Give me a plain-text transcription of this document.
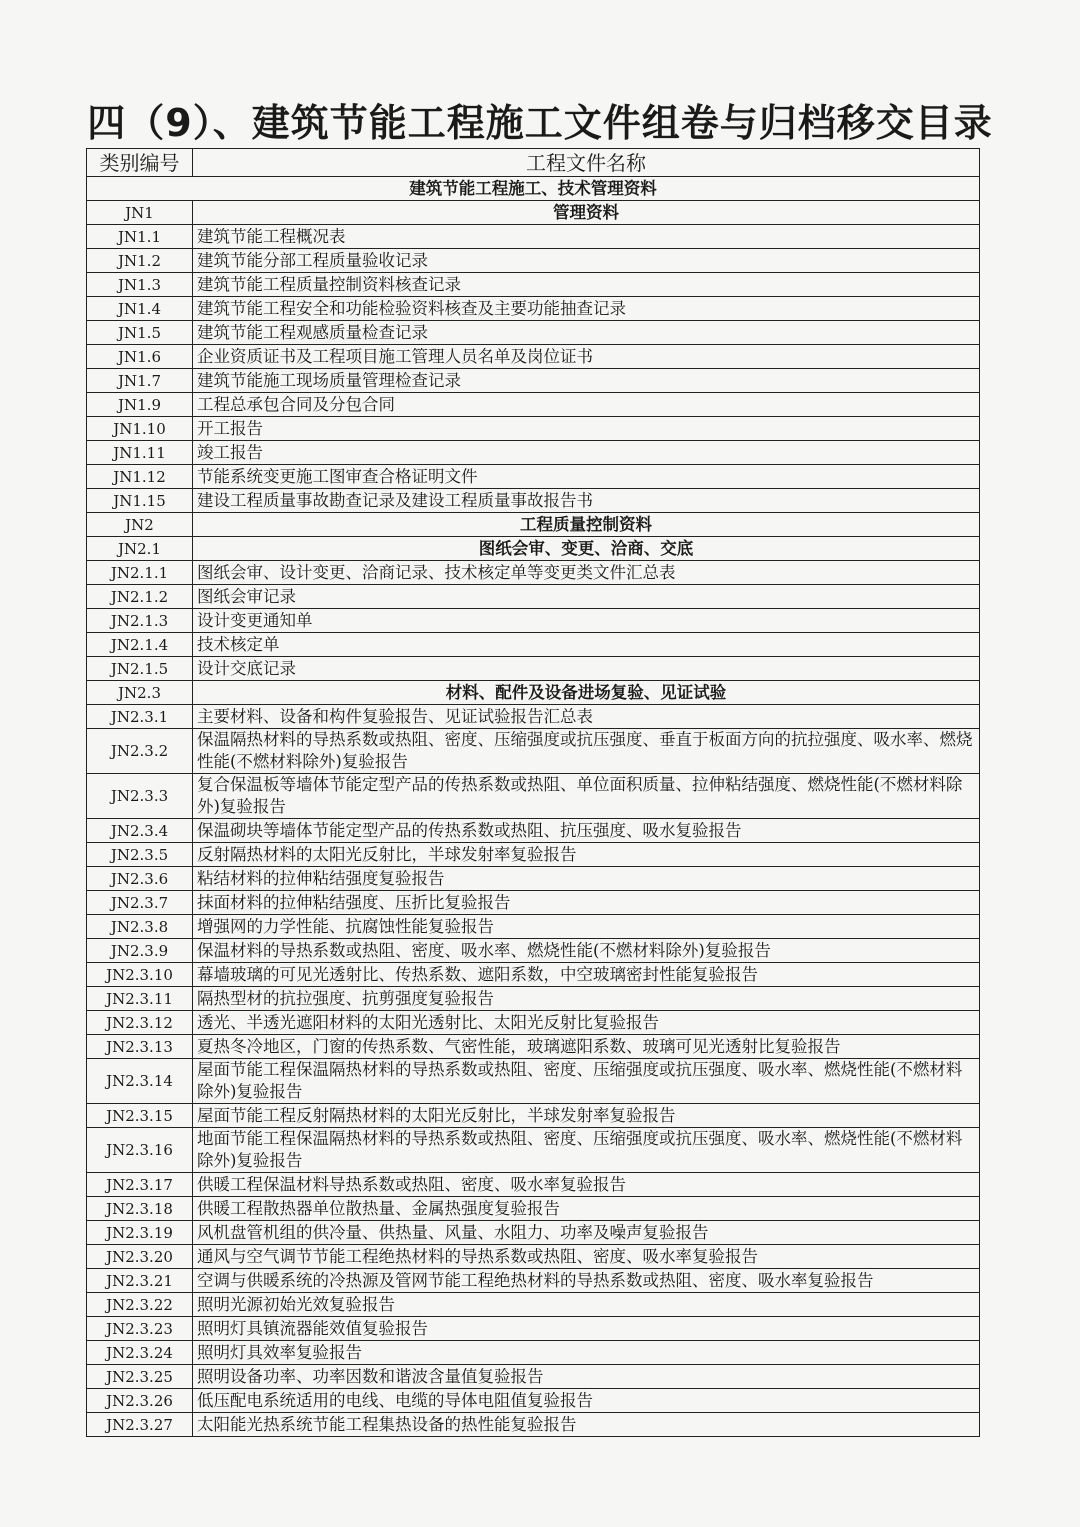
四（9）、建筑节能工程施工文件组卷与归档移交目录
类别编号	工程文件名称
建筑节能工程施工、技术管理资料	
JN1	管理资料
JN1.1	建筑节能工程概况表
JN1.2	建筑节能分部工程质量验收记录
JN1.3	建筑节能工程质量控制资料核查记录
JN1.4	建筑节能工程安全和功能检验资料核查及主要功能抽查记录
JN1.5	建筑节能工程观感质量检查记录
JN1.6	企业资质证书及工程项目施工管理人员名单及岗位证书
JN1.7	建筑节能施工现场质量管理检查记录
JN1.9	工程总承包合同及分包合同
JN1.10	开工报告
JN1.11	竣工报告
JN1.12	节能系统变更施工图审查合格证明文件
JN1.15	建设工程质量事故勘查记录及建设工程质量事故报告书
JN2	工程质量控制资料
JN2.1	图纸会审、变更、洽商、交底
JN2.1.1	图纸会审、设计变更、洽商记录、技术核定单等变更类文件汇总表
JN2.1.2	图纸会审记录
JN2.1.3	设计变更通知单
JN2.1.4	技术核定单
JN2.1.5	设计交底记录
JN2.3	材料、配件及设备进场复验、见证试验
JN2.3.1	主要材料、设备和构件复验报告、见证试验报告汇总表
JN2.3.2	保温隔热材料的导热系数或热阻、密度、压缩强度或抗压强度、垂直于板面方向的抗拉强度、吸水率、燃烧性能(不燃材料除外)复验报告
JN2.3.3	复合保温板等墙体节能定型产品的传热系数或热阻、单位面积质量、拉伸粘结强度、燃烧性能(不燃材料除外)复验报告
JN2.3.4	保温砌块等墙体节能定型产品的传热系数或热阻、抗压强度、吸水复验报告
JN2.3.5	反射隔热材料的太阳光反射比，半球发射率复验报告
JN2.3.6	粘结材料的拉伸粘结强度复验报告
JN2.3.7	抹面材料的拉伸粘结强度、压折比复验报告
JN2.3.8	增强网的力学性能、抗腐蚀性能复验报告
JN2.3.9	保温材料的导热系数或热阻、密度、吸水率、燃烧性能(不燃材料除外)复验报告
JN2.3.10	幕墙玻璃的可见光透射比、传热系数、遮阳系数，中空玻璃密封性能复验报告
JN2.3.11	隔热型材的抗拉强度、抗剪强度复验报告
JN2.3.12	透光、半透光遮阳材料的太阳光透射比、太阳光反射比复验报告
JN2.3.13	夏热冬冷地区，门窗的传热系数、气密性能，玻璃遮阳系数、玻璃可见光透射比复验报告
JN2.3.14	屋面节能工程保温隔热材料的导热系数或热阻、密度、压缩强度或抗压强度、吸水率、燃烧性能(不燃材料除外)复验报告
JN2.3.15	屋面节能工程反射隔热材料的太阳光反射比，半球发射率复验报告
JN2.3.16	地面节能工程保温隔热材料的导热系数或热阻、密度、压缩强度或抗压强度、吸水率、燃烧性能(不燃材料除外)复验报告
JN2.3.17	供暖工程保温材料导热系数或热阻、密度、吸水率复验报告
JN2.3.18	供暖工程散热器单位散热量、金属热强度复验报告
JN2.3.19	风机盘管机组的供冷量、供热量、风量、水阻力、功率及噪声复验报告
JN2.3.20	通风与空气调节节能工程绝热材料的导热系数或热阻、密度、吸水率复验报告
JN2.3.21	空调与供暖系统的冷热源及管网节能工程绝热材料的导热系数或热阻、密度、吸水率复验报告
JN2.3.22	照明光源初始光效复验报告
JN2.3.23	照明灯具镇流器能效值复验报告
JN2.3.24	照明灯具效率复验报告
JN2.3.25	照明设备功率、功率因数和谐波含量值复验报告
JN2.3.26	低压配电系统适用的电线、电缆的导体电阻值复验报告
JN2.3.27	太阳能光热系统节能工程集热设备的热性能复验报告
